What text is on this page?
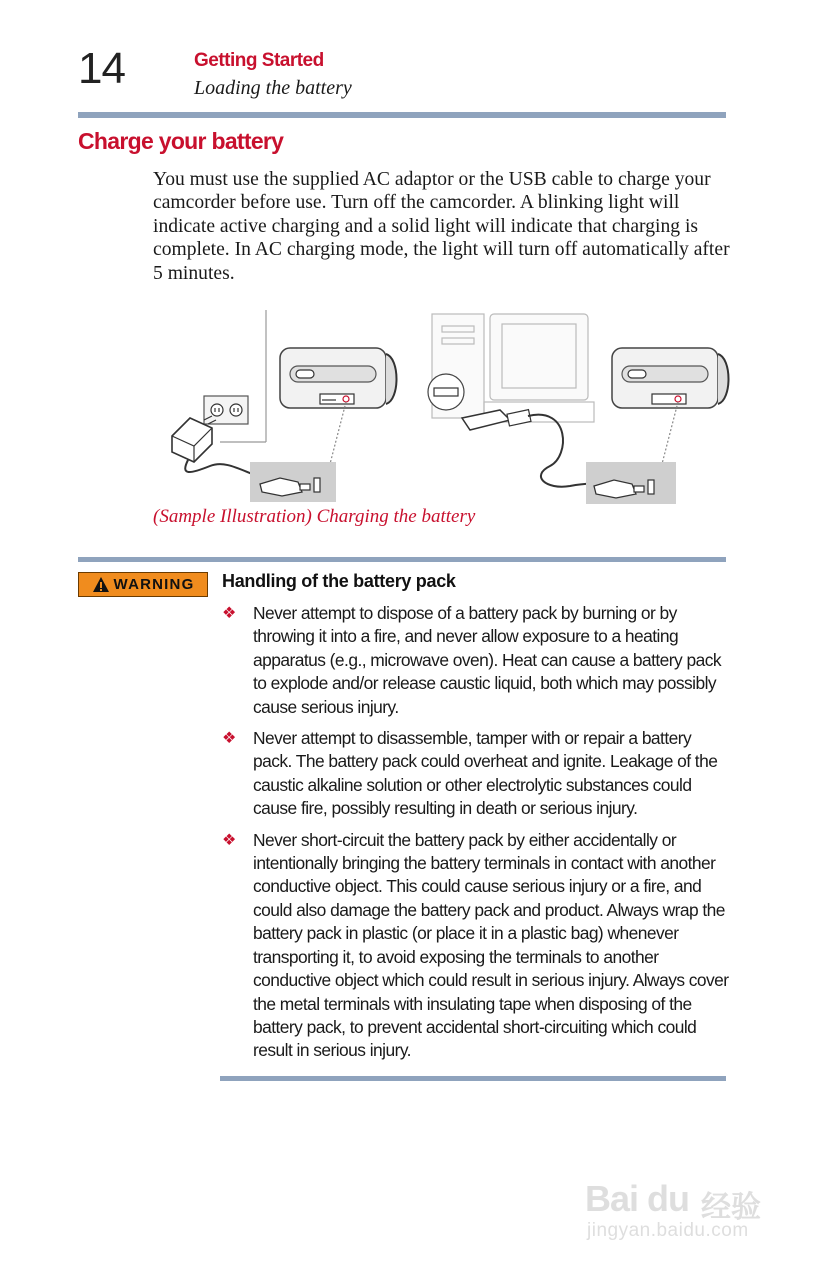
14	Getting Started
Loading the battery
Charge your battery

You must use the supplied AC adaptor or the USB cable to charge your camcorder before use. Turn off the camcorder. A blinking light will indicate active charging and a solid light will indicate that charging is complete. In AC charging mode, the light will turn off automatically after 5 minutes.

(Sample Illustration) Charging the battery
WARNING Handling of the battery pack
❖ Never attempt to dispose of a battery pack by burning or by throwing it into a fire, and never allow exposure to a heating apparatus (e.g., microwave oven). Heat can cause a battery pack to explode and/or release caustic liquid, both which may possibly cause serious injury.
❖ Never attempt to disassemble, tamper with or repair a battery pack. The battery pack could overheat and ignite. Leakage of the caustic alkaline solution or other electrolytic substances could cause fire, possibly resulting in death or serious injury.
❖ Never short-circuit the battery pack by either accidentally or intentionally bringing the battery terminals in contact with another conductive object. This could cause serious injury or a fire, and could also damage the battery pack and product. Always wrap the battery pack in plastic (or place it in a plastic bag) whenever transporting it, to avoid exposing the terminals to another conductive object which could result in serious injury. Always cover the metal terminals with insulating tape when disposing of the battery pack, to prevent accidental short-circuiting which could result in serious injury.
Bai du 经验
jingyan.baidu.com
